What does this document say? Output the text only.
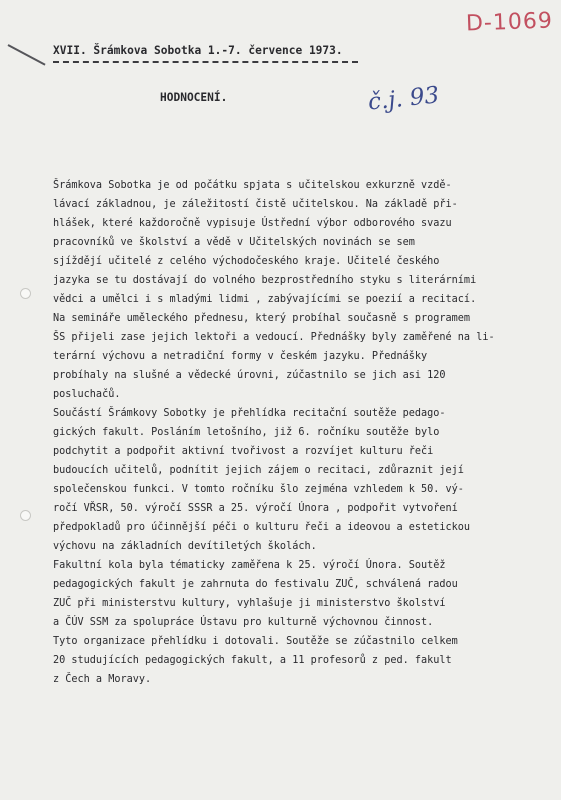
D-1069
XVII. Šrámkova Sobotka 1.-7. července 1973.
HODNOCENÍ.	č.j. 93
Šrámkova Sobotka je od počátku spjata s učitelskou exkurzně vzdě-
lávací základnou, je záležitostí čistě učitelskou. Na základě při-
hlášek, které každoročně vypisuje Ústřední výbor odborového svazu
pracovníků ve školství a vědě v Učitelských novinách se sem
sjíždějí učitelé z celého východočeského kraje. Učitelé českého
jazyka se tu dostávají do volného bezprostředního styku s literárními
vědci a umělci i s mladými lidmi , zabývajícími se poezií a recitací.
Na semináře uměleckého přednesu, který probíhal současně s programem
ŠS přijeli zase jejich lektoři a vedoucí. Přednášky byly zaměřené na li-
terární výchovu a netradiční formy v českém jazyku. Přednášky
probíhaly na slušné a vědecké úrovni, zúčastnilo se jich asi 120
posluchačů.
Součástí Šrámkovy Sobotky je přehlídka recitační soutěže pedago-
gických fakult. Posláním letošního, již 6. ročníku soutěže bylo
podchytit a podpořit aktivní tvořivost a rozvíjet kulturu řeči
budoucích učitelů, podnítit jejich zájem o recitaci, zdůraznit její
společenskou funkci. V tomto ročníku šlo zejména vzhledem k 50. vý-
ročí VŘSR, 50. výročí SSSR a 25. výročí Února , podpořit vytvoření
předpokladů pro účinnější péči o kulturu řeči a ideovou a estetickou
výchovu na základních devítiletých školách.
Fakultní kola byla tématicky zaměřena k 25. výročí Února. Soutěž
pedagogických fakult je zahrnuta do festivalu ZUČ, schválená radou
ZUČ při ministerstvu kultury, vyhlašuje ji ministerstvo školství
a ČÚV SSM za spolupráce Ústavu pro kulturně výchovnou činnost.
Tyto organizace přehlídku i dotovali. Soutěže se zúčastnilo celkem
20 studujících pedagogických fakult, a 11 profesorů z ped. fakult
z Čech a Moravy.
